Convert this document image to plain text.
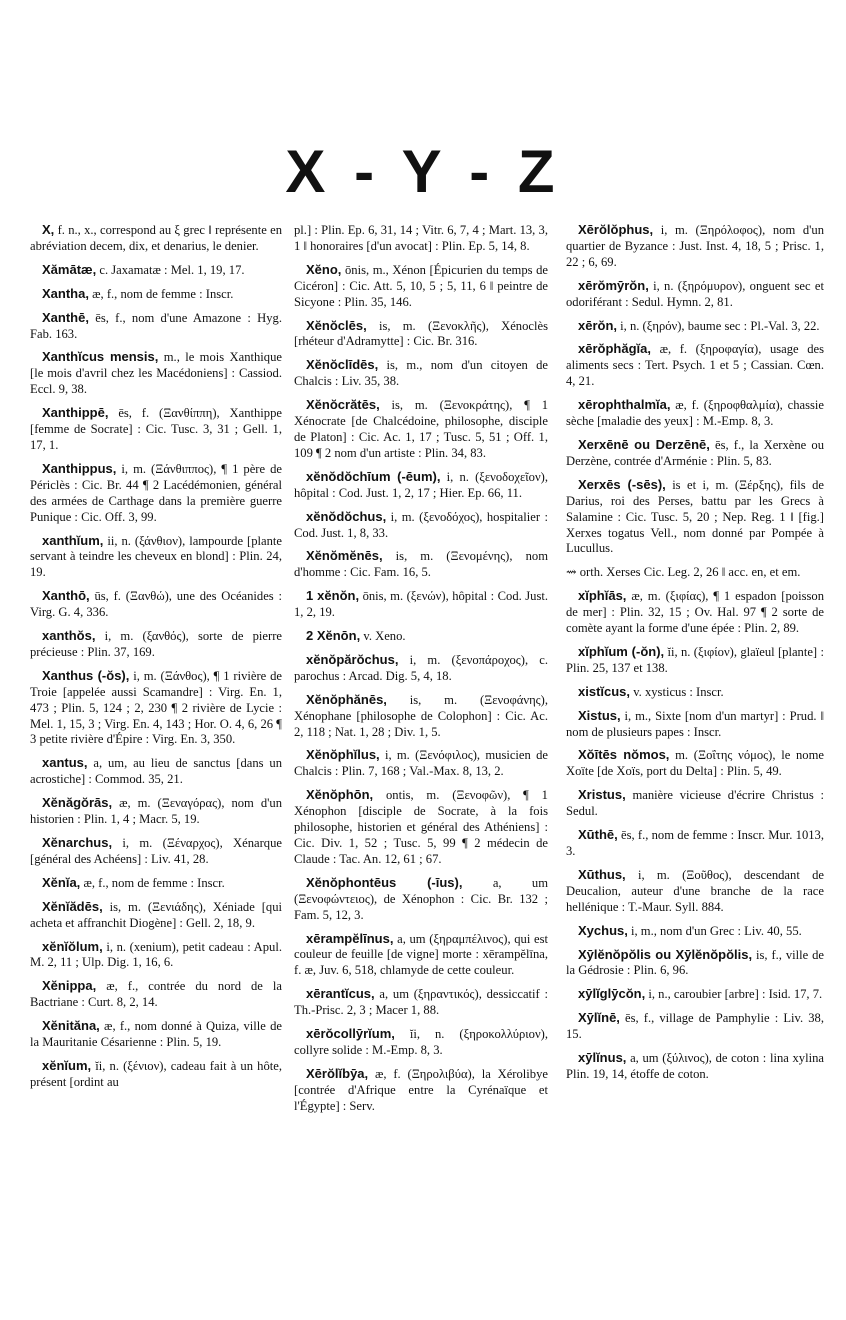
X - Y - Z

X, f. n., x., correspond au ξ grec ‖ représente en abréviation decem, dix, et denarius, le denier.

Xămātæ, c. Jaxamatæ : Mel. 1, 19, 17.

Xantha, æ, f., nom de femme : Inscr.

Xanthē, ēs, f., nom d'une Amazone : Hyg. Fab. 163.

Xanthĭcus mensis, m., le mois Xanthique [le mois d'avril chez les Macédoniens] : Cassiod. Eccl. 9, 38.

Xanthippē, ēs, f. (Ξανθίππη), Xanthippe [femme de Socrate] : Cic. Tusc. 3, 31 ; Gell. 1, 17, 1.

Xanthippus, i, m. (Ξάνθιππος), ¶ 1 père de Périclès : Cic. Br. 44 ¶ 2 Lacédémonien, général des armées de Carthage dans la première guerre Punique : Cic. Off. 3, 99.

xanthĭum, ii, n. (ξάνθιον), lampourde [plante servant à teindre les cheveux en blond] : Plin. 24, 19.

Xanthō, ūs, f. (Ξανθώ), une des Océanides : Virg. G. 4, 336.

xanthŏs, i, m. (ξανθός), sorte de pierre précieuse : Plin. 37, 169.

Xanthus (-ŏs), i, m. (Ξάνθος), ¶ 1 rivière de Troie [appelée aussi Scamandre] : Virg. En. 1, 473 ; Plin. 5, 124 ; 2, 230 ¶ 2 rivière de Lycie : Mel. 1, 15, 3 ; Virg. En. 4, 143 ; Hor. O. 4, 6, 26 ¶ 3 petite rivière d'Épire : Virg. En. 3, 350.

xantus, a, um, au lieu de sanctus [dans un acrostiche] : Commod. 35, 21.

Xĕnăgŏrās, æ, m. (Ξεναγόρας), nom d'un historien : Plin. 1, 4 ; Macr. 5, 19.

Xĕnarchus, i, m. (Ξέναρχος), Xénarque [général des Achéens] : Liv. 41, 28.

Xĕnĭa, æ, f., nom de femme : Inscr.

Xĕnĭădēs, is, m. (Ξενιάδης), Xéniade [qui acheta et affranchit Diogène] : Gell. 2, 18, 9.

xĕnĭŏlum, i, n. (xenium), petit cadeau : Apul. M. 2, 11 ; Ulp. Dig. 1, 16, 6.

Xĕnippa, æ, f., contrée du nord de la Bactriane : Curt. 8, 2, 14.

Xĕnităna, æ, f., nom donné à Quiza, ville de la Mauritanie Césarienne : Plin. 5, 19.

xĕnĭum, ĭi, n. (ξένιον), cadeau fait à un hôte, présent [ordint au

pl.] : Plin. Ep. 6, 31, 14 ; Vitr. 6, 7, 4 ; Mart. 13, 3, 1 ‖ honoraires [d'un avocat] : Plin. Ep. 5, 14, 8.

Xĕno, ōnis, m., Xénon [Épicurien du temps de Cicéron] : Cic. Att. 5, 10, 5 ; 5, 11, 6 ‖ peintre de Sicyone : Plin. 35, 146.

Xĕnŏclēs, is, m. (Ξενοκλῆς), Xénoclès [rhéteur d'Adramytte] : Cic. Br. 316.

Xĕnŏclīdēs, is, m., nom d'un citoyen de Chalcis : Liv. 35, 38.

Xĕnŏcrătēs, is, m. (Ξενοκράτης), ¶ 1 Xénocrate [de Chalcédoine, philosophe, disciple de Platon] : Cic. Ac. 1, 17 ; Tusc. 5, 51 ; Off. 1, 109 ¶ 2 nom d'un artiste : Plin. 34, 83.

xĕnŏdŏchīum (-ēum), i, n. (ξενοδοχεῖον), hôpital : Cod. Just. 1, 2, 17 ; Hier. Ep. 66, 11.

xĕnŏdŏchus, i, m. (ξενοδόχος), hospitalier : Cod. Just. 1, 8, 33.

Xĕnŏmĕnēs, is, m. (Ξενομένης), nom d'homme : Cic. Fam. 16, 5.

1 xĕnŏn, ōnis, m. (ξενών), hôpital : Cod. Just. 1, 2, 19.

2 Xĕnōn, v. Xeno.

xĕnŏpărŏchus, i, m. (ξενοπάροχος), c. parochus : Arcad. Dig. 5, 4, 18.

Xĕnŏphănēs, is, m. (Ξενοφάνης), Xénophane [philosophe de Colophon] : Cic. Ac. 2, 118 ; Nat. 1, 28 ; Div. 1, 5.

Xĕnŏphĭlus, i, m. (Ξενόφιλος), musicien de Chalcis : Plin. 7, 168 ; Val.-Max. 8, 13, 2.

Xĕnŏphōn, ontis, m. (Ξενοφῶν), ¶ 1 Xénophon [disciple de Socrate, à la fois philosophe, historien et général des Athéniens] : Cic. Div. 1, 52 ; Tusc. 5, 99 ¶ 2 médecin de Claude : Tac. An. 12, 61 ; 67.

Xĕnŏphontēus (-īus), a, um (Ξενοφώντειος), de Xénophon : Cic. Br. 132 ; Fam. 5, 12, 3.

xērampĕlīnus, a, um (ξηραμπέλινος), qui est couleur de feuille [de vigne] morte : xērampĕlīna, f. æ, Juv. 6, 518, chlamyde de cette couleur.

xērantĭcus, a, um (ξηραντικός), dessiccatif : Th.-Prisc. 2, 3 ; Macer 1, 88.

xērŏcollȳrĭum, ĭi, n. (ξηροκολλύριον), collyre solide : M.-Emp. 8, 3.

Xērŏlĭbȳa, æ, f. (Ξηρολιβύα), la Xérolibye [contrée d'Afrique entre la Cyrénaïque et l'Égypte] : Serv.

Xērŏlŏphus, i, m. (Ξηρόλοφος), nom d'un quartier de Byzance : Just. Inst. 4, 18, 5 ; Prisc. 1, 22 ; 6, 69.

xērŏmȳrŏn, i, n. (ξηρόμυρον), onguent sec et odoriférant : Sedul. Hymn. 2, 81.

xērŏn, i, n. (ξηρόν), baume sec : Pl.-Val. 3, 22.

xērŏphăgĭa, æ, f. (ξηροφαγία), usage des aliments secs : Tert. Psych. 1 et 5 ; Cassian. Cœn. 4, 21.

xērophthalmĭa, æ, f. (ξηροφθαλμία), chassie sèche [maladie des yeux] : M.-Emp. 8, 3.

Xerxēnē ou Derzēnē, ēs, f., la Xerxène ou Derzène, contrée d'Arménie : Plin. 5, 83.

Xerxēs (-sēs), is et i, m. (Ξέρξης), fils de Darius, roi des Perses, battu par les Grecs à Salamine : Cic. Tusc. 5, 20 ; Nep. Reg. 1 ‖ [fig.] Xerxes togatus Vell., nom donné par Pompée à Lucullus.

⇝ orth. Xerses Cic. Leg. 2, 26 ‖ acc. en, et em.

xĭphĭās, æ, m. (ξιφίας), ¶ 1 espadon [poisson de mer] : Plin. 32, 15 ; Ov. Hal. 97 ¶ 2 sorte de comète ayant la forme d'une épée : Plin. 2, 89.

xĭphĭum (-ŏn), ĭi, n. (ξιφίον), glaïeul [plante] : Plin. 25, 137 et 138.

xistĭcus, v. xysticus : Inscr.

Xistus, i, m., Sixte [nom d'un martyr] : Prud. ‖ nom de plusieurs papes : Inscr.

Xŏītēs nŏmos, m. (Ξοΐτης νόμος), le nome Xoïte [de Xoïs, port du Delta] : Plin. 5, 49.

Xristus, manière vicieuse d'écrire Christus : Sedul.

Xūthē, ēs, f., nom de femme : Inscr. Mur. 1013, 3.

Xūthus, i, m. (Ξοῦθος), descendant de Deucalion, auteur d'une branche de la race hellénique : T.-Maur. Syll. 884.

Xychus, i, m., nom d'un Grec : Liv. 40, 55.

Xȳlĕnŏpŏlis ou Xȳlĕnŏpŏlis, is, f., ville de la Gédrosie : Plin. 6, 96.

xȳlĭglȳcŏn, i, n., caroubier [arbre] : Isid. 17, 7.

Xȳlĭnē, ēs, f., village de Pamphylie : Liv. 38, 15.

xȳlĭnus, a, um (ξύλινος), de coton : lina xylina Plin. 19, 14, étoffe de coton.
